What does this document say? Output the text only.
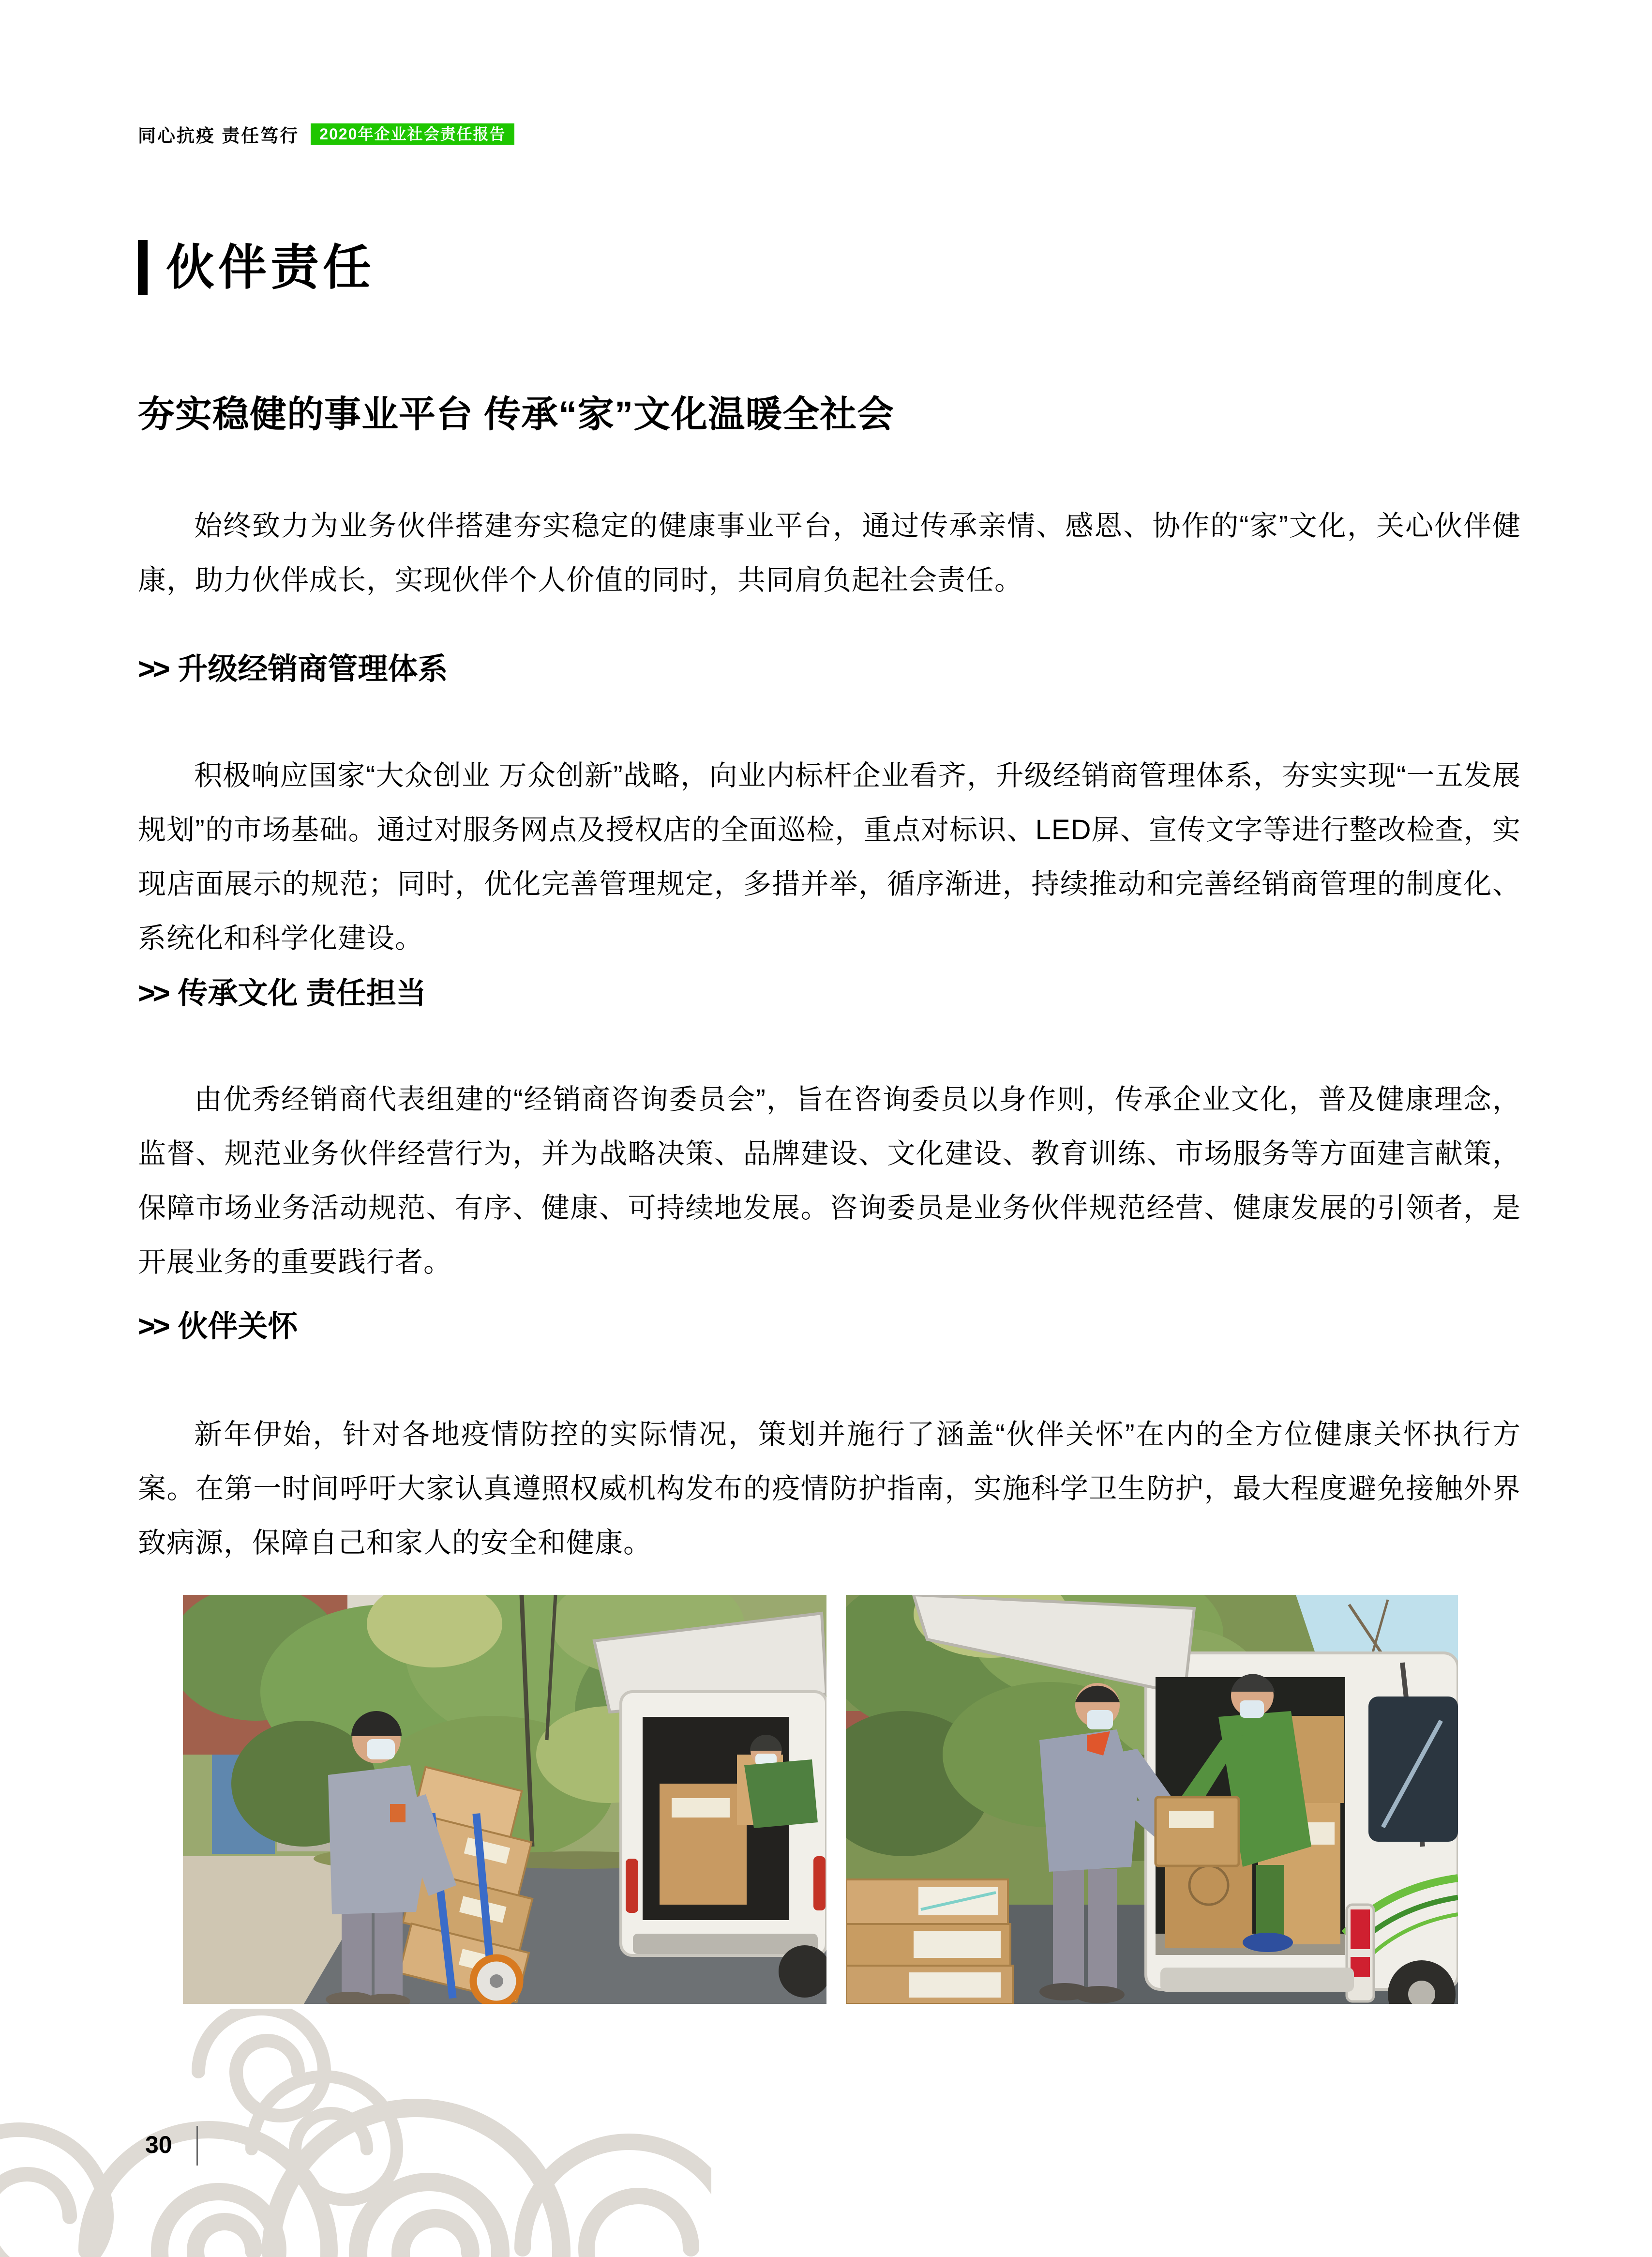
同心抗疫 责任笃行	2020年企业社会责任报告
伙伴责任
夯实稳健的事业平台 传承“家”文化温暖全社会

始终致力为业务伙伴搭建夯实稳定的健康事业平台，通过传承亲情、感恩、协作的“家”文化，关心伙伴健康，助力伙伴成长，实现伙伴个人价值的同时，共同肩负起社会责任。

>> 升级经销商管理体系

积极响应国家“大众创业 万众创新”战略，向业内标杆企业看齐，升级经销商管理体系，夯实实现“一五发展规划”的市场基础。通过对服务网点及授权店的全面巡检，重点对标识、LED屏、宣传文字等进行整改检查，实现店面展示的规范；同时，优化完善管理规定，多措并举，循序渐进，持续推动和完善经销商管理的制度化、系统化和科学化建设。

>> 传承文化 责任担当

由优秀经销商代表组建的“经销商咨询委员会”，旨在咨询委员以身作则，传承企业文化，普及健康理念，监督、规范业务伙伴经营行为，并为战略决策、品牌建设、文化建设、教育训练、市场服务等方面建言献策，保障市场业务活动规范、有序、健康、可持续地发展。咨询委员是业务伙伴规范经营、健康发展的引领者，是开展业务的重要践行者。

>> 伙伴关怀

新年伊始，针对各地疫情防控的实际情况，策划并施行了涵盖“伙伴关怀”在内的全方位健康关怀执行方案。在第一时间呼吁大家认真遵照权威机构发布的疫情防护指南，实施科学卫生防护，最大程度避免接触外界致病源，保障自己和家人的安全和健康。

30
